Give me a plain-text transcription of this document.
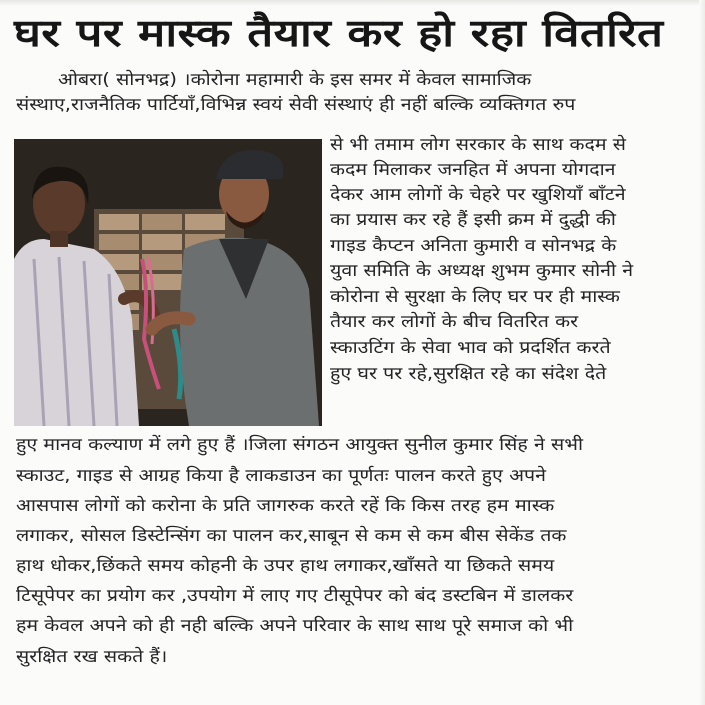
घर पर मास्क तैयार कर हो रहा वितरित
ओबरा( सोनभद्र) ।कोरोना महामारी के इस समर में केवल सामाजिक
संस्थाए,राजनैतिक पार्टियाँ,विभिन्न स्वयं सेवी संस्थाएं ही नहीं बल्कि व्यक्तिगत रुप
से भी तमाम लोग सरकार के साथ कदम से
कदम मिलाकर जनहित में अपना योगदान
देकर आम लोगों के चेहरे पर खुशियाँ बाँटने
का प्रयास कर रहे हैं इसी क्रम में दुद्धी की
गाइड कैप्टन अनिता कुमारी व सोनभद्र के
युवा समिति के अध्यक्ष शुभम कुमार सोनी ने
कोरोना से सुरक्षा के लिए घर पर ही मास्क
तैयार कर लोगों के बीच वितरित कर
स्काउटिंग के सेवा भाव को प्रदर्शित करते
हुए घर पर रहे,सुरक्षित रहे का संदेश देते
हुए मानव कल्याण में लगे हुए हैं ।जिला संगठन आयुक्त सुनील कुमार सिंह ने सभी
स्काउट, गाइड से आग्रह किया है लाकडाउन का पूर्णतः पालन करते हुए अपने
आसपास लोगों को करोना के प्रति जागरुक करते रहें कि किस तरह हम मास्क
लगाकर, सोसल डिस्टेन्सिंग का पालन कर,साबून से कम से कम बीस सेकेंड तक
हाथ धोकर,छिंकते समय कोहनी के उपर हाथ लगाकर,खाँसते या छिकते समय
टिसूपेपर का प्रयोग कर ,उपयोग में लाए गए टीसूपेपर को बंद डस्टबिन में डालकर
हम केवल अपने को ही नही बल्कि अपने परिवार के साथ साथ पूरे समाज को भी
सुरक्षित रख सकते हैं।
